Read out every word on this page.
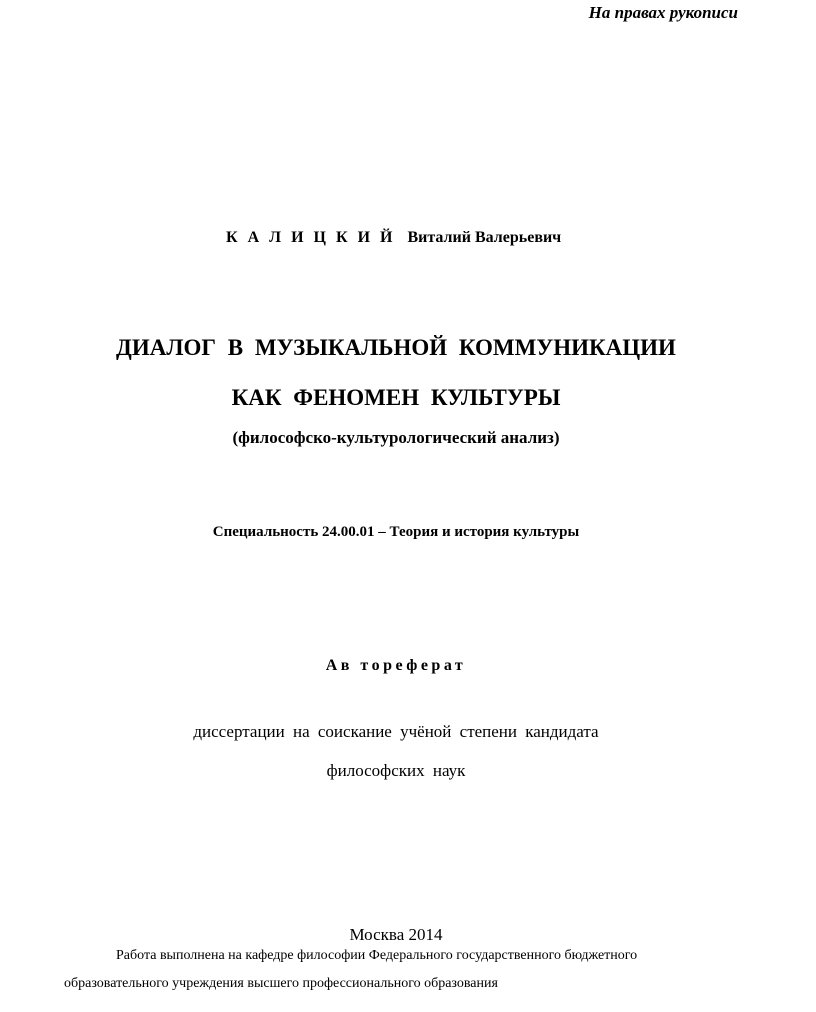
На правах рукописи

К А Л И Ц К И Й Виталий Валерьевич

ДИАЛОГ В МУЗЫКАЛЬНОЙ КОММУНИКАЦИИ

КАК ФЕНОМЕН КУЛЬТУРЫ

(философско-культурологический анализ)

Специальность 24.00.01 – Теория и история культуры

Ав тореферат

диссертации на соискание учёной степени кандидата

философских наук

Москва 2014

Работа выполнена на кафедре философии Федерального государственного бюджетного

образовательного учреждения высшего профессионального образования
